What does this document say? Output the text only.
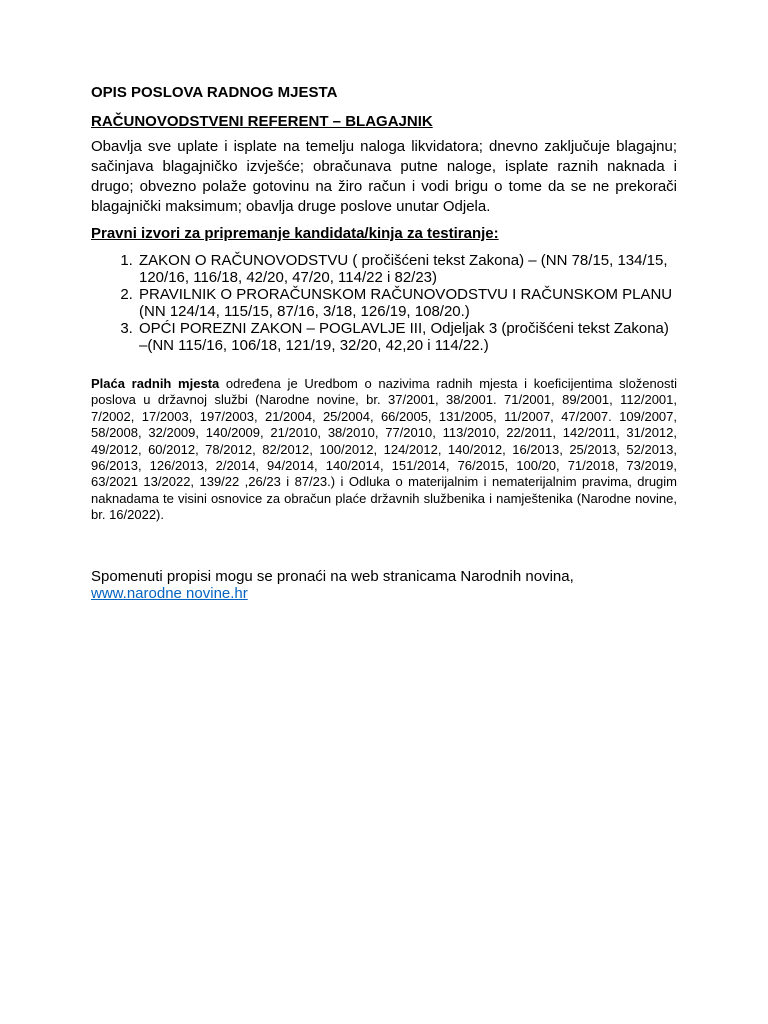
OPIS POSLOVA RADNOG MJESTA

RAČUNOVODSTVENI REFERENT – BLAGAJNIK

Obavlja sve uplate i isplate na temelju naloga likvidatora; dnevno zaključuje blagajnu; sačinjava blagajničko izvješće; obračunava putne naloge, isplate raznih naknada i drugo; obvezno polaže gotovinu na žiro račun i vodi brigu o tome da se ne prekorači blagajnički maksimum; obavlja druge poslove unutar Odjela.

Pravni izvori za pripremanje kandidata/kinja za testiranje:

1. ZAKON O RAČUNOVODSTVU ( pročišćeni tekst Zakona) – (NN 78/15, 134/15, 120/16, 116/18, 42/20, 47/20, 114/22 i 82/23)
2. PRAVILNIK O PRORAČUNSKOM RAČUNOVODSTVU I RAČUNSKOM PLANU (NN 124/14, 115/15, 87/16, 3/18, 126/19, 108/20.)
3. OPĆI POREZNI ZAKON – POGLAVLJE III, Odjeljak 3 (pročišćeni tekst Zakona) –(NN 115/16, 106/18, 121/19, 32/20, 42,20 i 114/22.)

Plaća radnih mjesta određena je Uredbom o nazivima radnih mjesta i koeficijentima složenosti poslova u državnoj službi (Narodne novine, br. 37/2001, 38/2001. 71/2001, 89/2001, 112/2001, 7/2002, 17/2003, 197/2003, 21/2004, 25/2004, 66/2005, 131/2005, 11/2007, 47/2007. 109/2007, 58/2008, 32/2009, 140/2009, 21/2010, 38/2010, 77/2010, 113/2010, 22/2011, 142/2011, 31/2012, 49/2012, 60/2012, 78/2012, 82/2012, 100/2012, 124/2012, 140/2012, 16/2013, 25/2013, 52/2013, 96/2013, 126/2013, 2/2014, 94/2014, 140/2014, 151/2014, 76/2015, 100/20, 71/2018, 73/2019, 63/2021 13/2022, 139/22 ,26/23 i 87/23.) i Odluka o materijalnim i nematerijalnim pravima, drugim naknadama te visini osnovice za obračun plaće državnih službenika i namještenika (Narodne novine, br. 16/2022).

Spomenuti propisi mogu se pronaći na web stranicama Narodnih novina,
www.narodne novine.hr
